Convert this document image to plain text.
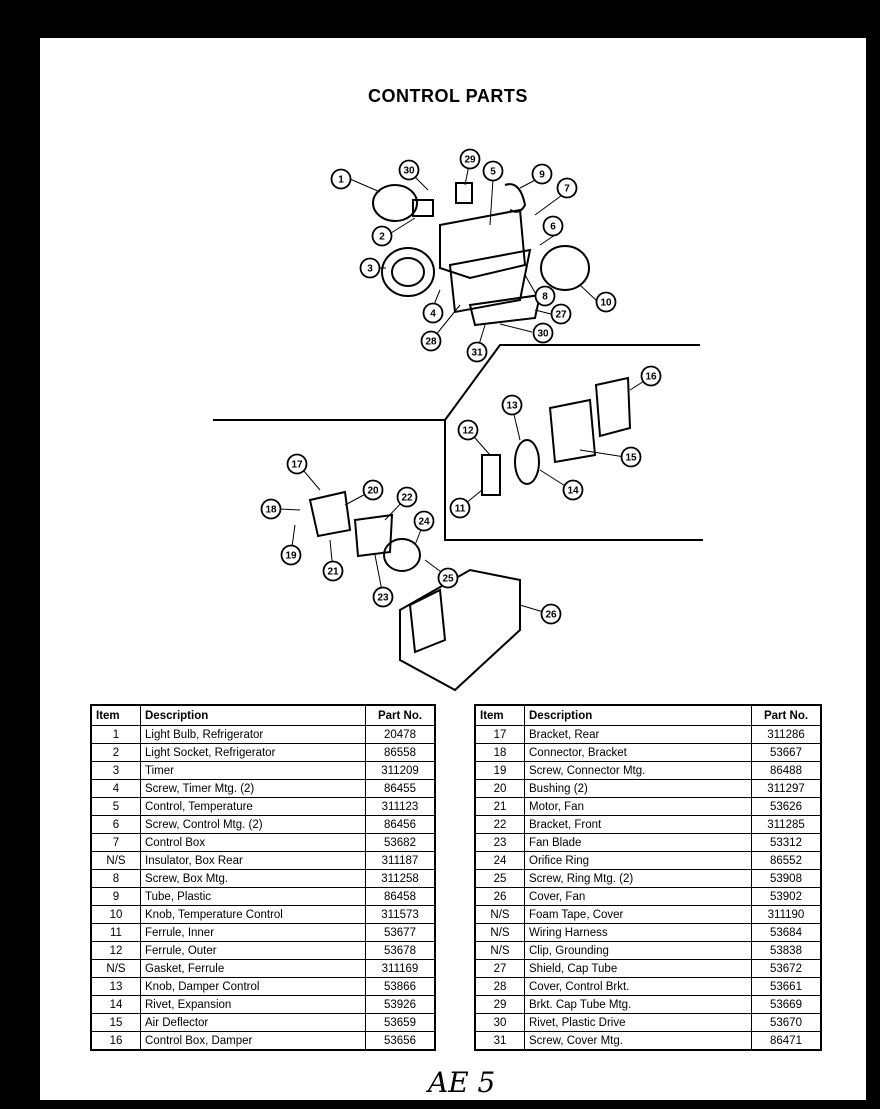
CONTROL PARTS
1
2
3
4
5
6
7
8
9
10
11
12
13
14
15
16
17
18
19
20
21
22
23
24
25
26
27
28
29
30
31
30
Item	Description	Part No.
1	Light Bulb, Refrigerator	20478
2	Light Socket, Refrigerator	86558
3	Timer	311209
4	Screw, Timer Mtg. (2)	86455
5	Control, Temperature	311123
6	Screw, Control Mtg. (2)	86456
7	Control Box	53682
N/S	Insulator, Box Rear	311187
8	Screw, Box Mtg.	311258
9	Tube, Plastic	86458
10	Knob, Temperature Control	311573
11	Ferrule, Inner	53677
12	Ferrule, Outer	53678
N/S	Gasket, Ferrule	311169
13	Knob, Damper Control	53866
14	Rivet, Expansion	53926
15	Air Deflector	53659
16	Control Box, Damper	53656
Item	Description	Part No.
17	Bracket, Rear	311286
18	Connector, Bracket	53667
19	Screw, Connector Mtg.	86488
20	Bushing (2)	311297
21	Motor, Fan	53626
22	Bracket, Front	311285
23	Fan Blade	53312
24	Orifice Ring	86552
25	Screw, Ring Mtg. (2)	53908
26	Cover, Fan	53902
N/S	Foam Tape, Cover	311190
N/S	Wiring Harness	53684
N/S	Clip, Grounding	53838
27	Shield, Cap Tube	53672
28	Cover, Control Brkt.	53661
29	Brkt. Cap Tube Mtg.	53669
30	Rivet, Plastic Drive	53670
31	Screw, Cover Mtg.	86471
AE 5
